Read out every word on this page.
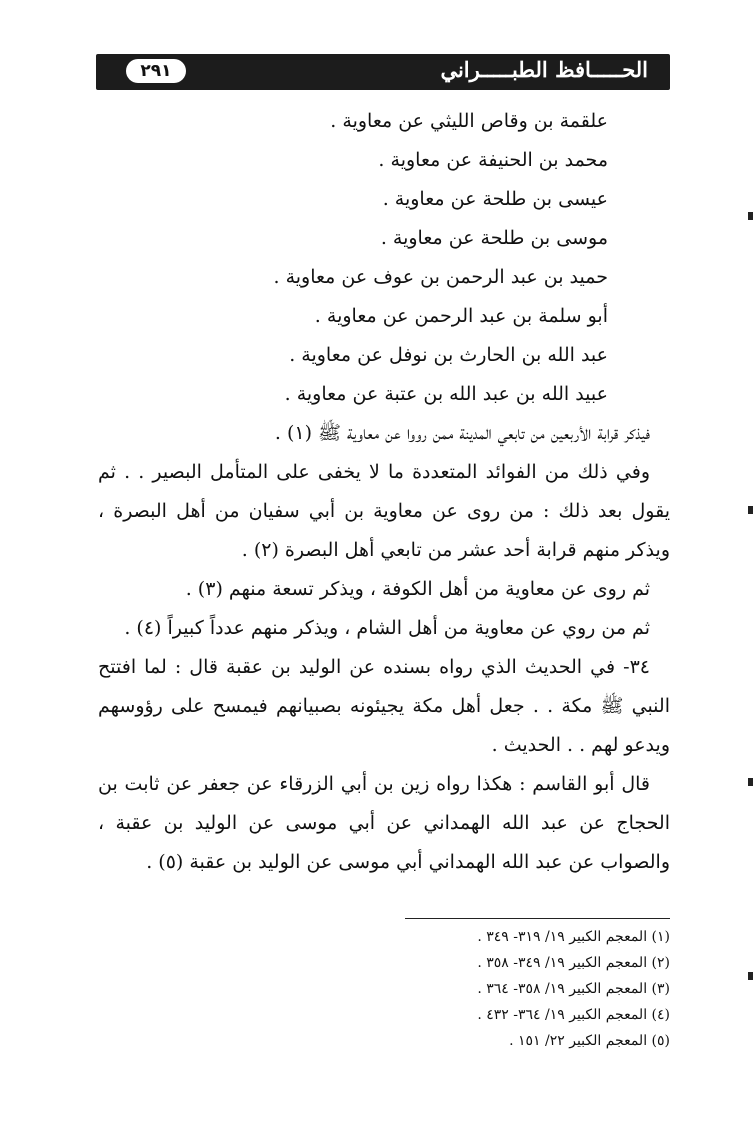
٢٩١	الحـــــافظ الطبـــــراني
علقمة بن وقاص الليثي عن معاوية .
محمد بن الحنيفة عن معاوية .
عيسى بن طلحة عن معاوية .
موسى بن طلحة عن معاوية .
حميد بن عبد الرحمن بن عوف عن معاوية .
أبو سلمة بن عبد الرحمن عن معاوية .
عبد الله بن الحارث بن نوفل عن معاوية .
عبيد الله بن عبد الله بن عتبة عن معاوية .
فيذكر قرابة الأربعين من تابعي المدينة ممن رووا عن معاوية ﷺ (١) .
وفي ذلك من الفوائد المتعددة ما لا يخفى على المتأمل البصير . . ثم يقول بعد ذلك : من روى عن معاوية بن أبي سفيان من أهل البصرة ، ويذكر منهم قرابة أحد عشر من تابعي أهل البصرة (٢) .
ثم روى عن معاوية من أهل الكوفة ، ويذكر تسعة منهم (٣) .
ثم من روي عن معاوية من أهل الشام ، ويذكر منهم عدداً كبيراً (٤) .
٣٤- في الحديث الذي رواه بسنده عن الوليد بن عقبة قال : لما افتتح النبي ﷺ مكة . . جعل أهل مكة يجيئونه بصبيانهم فيمسح على رؤوسهم ويدعو لهم . . الحديث .
قال أبو القاسم : هكذا رواه زين بن أبي الزرقاء عن جعفر عن ثابت بن الحجاج عن عبد الله الهمداني عن أبي موسى عن الوليد بن عقبة ، والصواب عن عبد الله الهمداني أبي موسى عن الوليد بن عقبة (٥) .
(١) المعجم الكبير ١٩/ ٣١٩- ٣٤٩ .
(٢) المعجم الكبير ١٩/ ٣٤٩- ٣٥٨ .
(٣) المعجم الكبير ١٩/ ٣٥٨- ٣٦٤ .
(٤) المعجم الكبير ١٩/ ٣٦٤- ٤٣٢ .
(٥) المعجم الكبير ٢٢/ ١٥١ .
